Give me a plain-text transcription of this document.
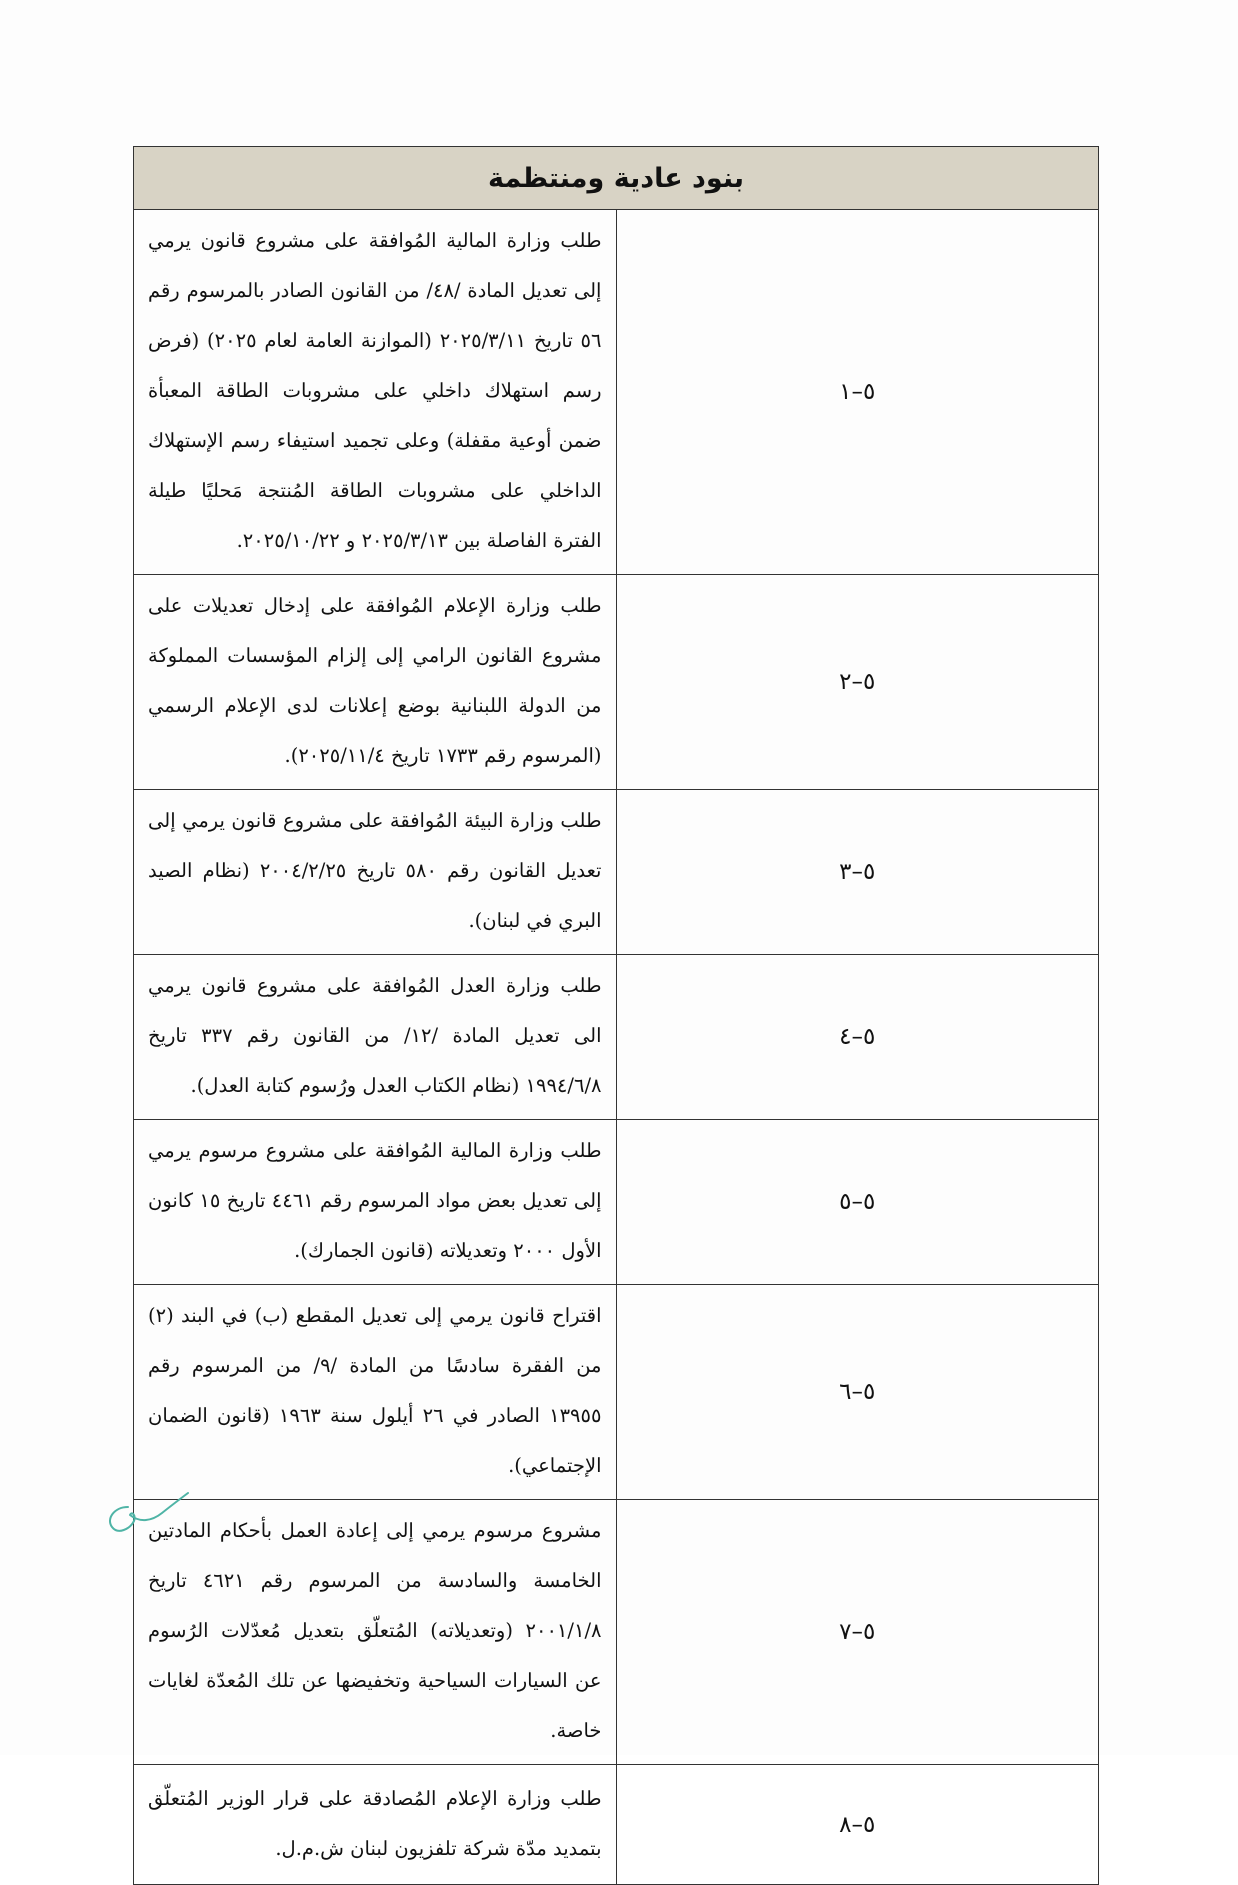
بنود عادية ومنتظمة	
٥–١	طلب وزارة المالية المُوافقة على مشروع قانون يرمي إلى تعديل المادة /٤٨/ من القانون الصادر بالمرسوم رقم ٥٦ تاريخ ٢٠٢٥/٣/١١ (الموازنة العامة لعام ٢٠٢٥) (فرض رسم استهلاك داخلي على مشروبات الطاقة المعبأة ضمن أوعية مقفلة) وعلى تجميد استيفاء رسم الإستهلاك الداخلي على مشروبات الطاقة المُنتجة مَحليًا طيلة الفترة الفاصلة بين ٢٠٢٥/٣/١٣ و ٢٠٢٥/١٠/٢٢.
٥–٢	طلب وزارة الإعلام المُوافقة على إدخال تعديلات على مشروع القانون الرامي إلى إلزام المؤسسات المملوكة من الدولة اللبنانية بوضع إعلانات لدى الإعلام الرسمي (المرسوم رقم ١٧٣٣ تاريخ ٢٠٢٥/١١/٤).
٥–٣	طلب وزارة البيئة المُوافقة على مشروع قانون يرمي إلى تعديل القانون رقم ٥٨٠ تاريخ ٢٠٠٤/٢/٢٥ (نظام الصيد البري في لبنان).
٥–٤	طلب وزارة العدل المُوافقة على مشروع قانون يرمي الى تعديل المادة /١٢/ من القانون رقم ٣٣٧ تاريخ ١٩٩٤/٦/٨ (نظام الكتاب العدل ورُسوم كتابة العدل).
٥–٥	طلب وزارة المالية المُوافقة على مشروع مرسوم يرمي إلى تعديل بعض مواد المرسوم رقم ٤٤٦١ تاريخ ١٥ كانون الأول ٢٠٠٠ وتعديلاته (قانون الجمارك).
٥–٦	اقتراح قانون يرمي إلى تعديل المقطع (ب) في البند (٢) من الفقرة سادسًا من المادة /٩/ من المرسوم رقم ١٣٩٥٥ الصادر في ٢٦ أيلول سنة ١٩٦٣ (قانون الضمان الإجتماعي).
٥–٧	مشروع مرسوم يرمي إلى إعادة العمل بأحكام المادتين الخامسة والسادسة من المرسوم رقم ٤٦٢١ تاريخ ٢٠٠١/١/٨ (وتعديلاته) المُتعلّق بتعديل مُعدّلات الرُسوم عن السيارات السياحية وتخفيضها عن تلك المُعدّة لغايات خاصة.
٥–٨	طلب وزارة الإعلام المُصادقة على قرار الوزير المُتعلّق بتمديد مدّة شركة تلفزيون لبنان ش.م.ل.
